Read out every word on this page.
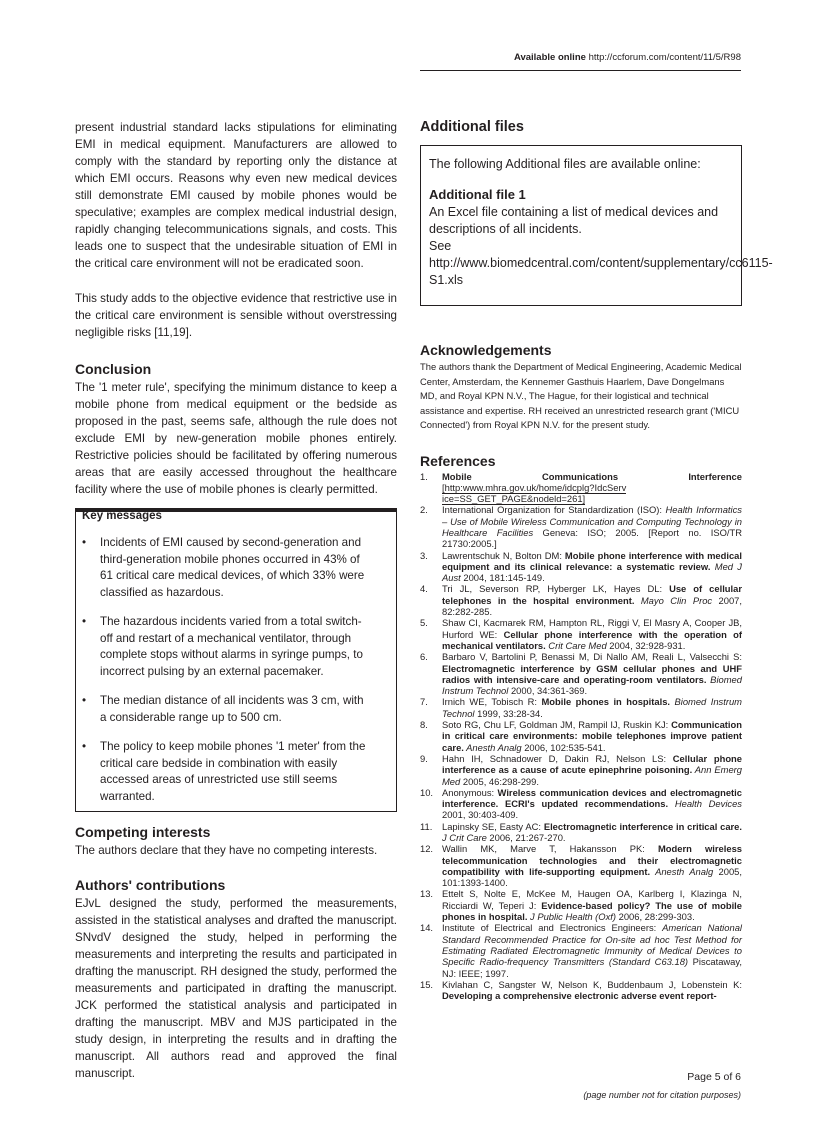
Available online http://ccforum.com/content/11/5/R98

present industrial standard lacks stipulations for eliminating EMI in medical equipment. Manufacturers are allowed to comply with the standard by reporting only the distance at which EMI occurs. Reasons why even new medical devices still demonstrate EMI caused by mobile phones would be speculative; examples are complex medical industrial design, rapidly changing telecommunications signals, and costs. This leads one to suspect that the undesirable situation of EMI in the critical care environment will not be eradicated soon.

This study adds to the objective evidence that restrictive use in the critical care environment is sensible without overstressing negligible risks [11,19].

Conclusion

The '1 meter rule', specifying the minimum distance to keep a mobile phone from medical equipment or the bedside as proposed in the past, seems safe, although the rule does not exclude EMI by new-generation mobile phones entirely. Restrictive policies should be facilitated by offering numerous areas that are easily accessed throughout the healthcare facility where the use of mobile phones is clearly permitted.

Key messages
• Incidents of EMI caused by second-generation and third-generation mobile phones occurred in 43% of 61 critical care medical devices, of which 33% were classified as hazardous.
• The hazardous incidents varied from a total switch-off and restart of a mechanical ventilator, through complete stops without alarms in syringe pumps, to incorrect pulsing by an external pacemaker.
• The median distance of all incidents was 3 cm, with a considerable range up to 500 cm.
• The policy to keep mobile phones '1 meter' from the critical care bedside in combination with easily accessed areas of unrestricted use still seems warranted.
Competing interests

The authors declare that they have no competing interests.

Authors' contributions

EJvL designed the study, performed the measurements, assisted in the statistical analyses and drafted the manuscript. SNvdV designed the study, helped in performing the measurements and interpreting the results and participated in drafting the manuscript. RH designed the study, performed the measurements and participated in drafting the manuscript. JCK performed the statistical analysis and participated in drafting the manuscript. MBV and MJS participated in the study design, in interpreting the results and in drafting the manuscript. All authors read and approved the final manuscript.

Additional files

The following Additional files are available online:

Additional file 1

An Excel file containing a list of medical devices and descriptions of all incidents.

See http://www.biomedcentral.com/content/supplementary/cc6115-S1.xls

Acknowledgements

The authors thank the Department of Medical Engineering, Academic Medical Center, Amsterdam, the Kennemer Gasthuis Haarlem, Dave Dongelmans MD, and Royal KPN N.V., The Hague, for their logistical and technical assistance and expertise. RH received an unrestricted research grant ('MICU Connected') from Royal KPN N.V. for the present study.

References
1. Mobile Communications Interference [http:www.mhra.gov.uk/home/idcplg?IdcServ ice=SS_GET_PAGE&nodeld=261]
2. International Organization for Standardization (ISO): Health Informatics – Use of Mobile Wireless Communication and Computing Technology in Healthcare Facilities Geneva: ISO; 2005. [Report no. ISO/TR 21730:2005.]
3. Lawrentschuk N, Bolton DM: Mobile phone interference with medical equipment and its clinical relevance: a systematic review. Med J Aust 2004, 181:145-149.
4. Tri JL, Severson RP, Hyberger LK, Hayes DL: Use of cellular telephones in the hospital environment. Mayo Clin Proc 2007, 82:282-285.
5. Shaw CI, Kacmarek RM, Hampton RL, Riggi V, El Masry A, Cooper JB, Hurford WE: Cellular phone interference with the operation of mechanical ventilators. Crit Care Med 2004, 32:928-931.
6. Barbaro V, Bartolini P, Benassi M, Di Nallo AM, Reali L, Valsecchi S: Electromagnetic interference by GSM cellular phones and UHF radios with intensive-care and operating-room ventilators. Biomed Instrum Technol 2000, 34:361-369.
7. Irnich WE, Tobisch R: Mobile phones in hospitals. Biomed Instrum Technol 1999, 33:28-34.
8. Soto RG, Chu LF, Goldman JM, Rampil IJ, Ruskin KJ: Communication in critical care environments: mobile telephones improve patient care. Anesth Analg 2006, 102:535-541.
9. Hahn IH, Schnadower D, Dakin RJ, Nelson LS: Cellular phone interference as a cause of acute epinephrine poisoning. Ann Emerg Med 2005, 46:298-299.
10. Anonymous: Wireless communication devices and electromagnetic interference. ECRI's updated recommendations. Health Devices 2001, 30:403-409.
11. Lapinsky SE, Easty AC: Electromagnetic interference in critical care. J Crit Care 2006, 21:267-270.
12. Wallin MK, Marve T, Hakansson PK: Modern wireless telecommunication technologies and their electromagnetic compatibility with life-supporting equipment. Anesth Analg 2005, 101:1393-1400.
13. Ettelt S, Nolte E, McKee M, Haugen OA, Karlberg I, Klazinga N, Ricciardi W, Teperi J: Evidence-based policy? The use of mobile phones in hospital. J Public Health (Oxf) 2006, 28:299-303.
14. Institute of Electrical and Electronics Engineers: American National Standard Recommended Practice for On-site ad hoc Test Method for Estimating Radiated Electromagnetic Immunity of Medical Devices to Specific Radio-frequency Transmitters (Standard C63.18) Piscataway, NJ: IEEE; 1997.
15. Kivlahan C, Sangster W, Nelson K, Buddenbaum J, Lobenstein K: Developing a comprehensive electronic adverse event report-
Page 5 of 6
(page number not for citation purposes)
